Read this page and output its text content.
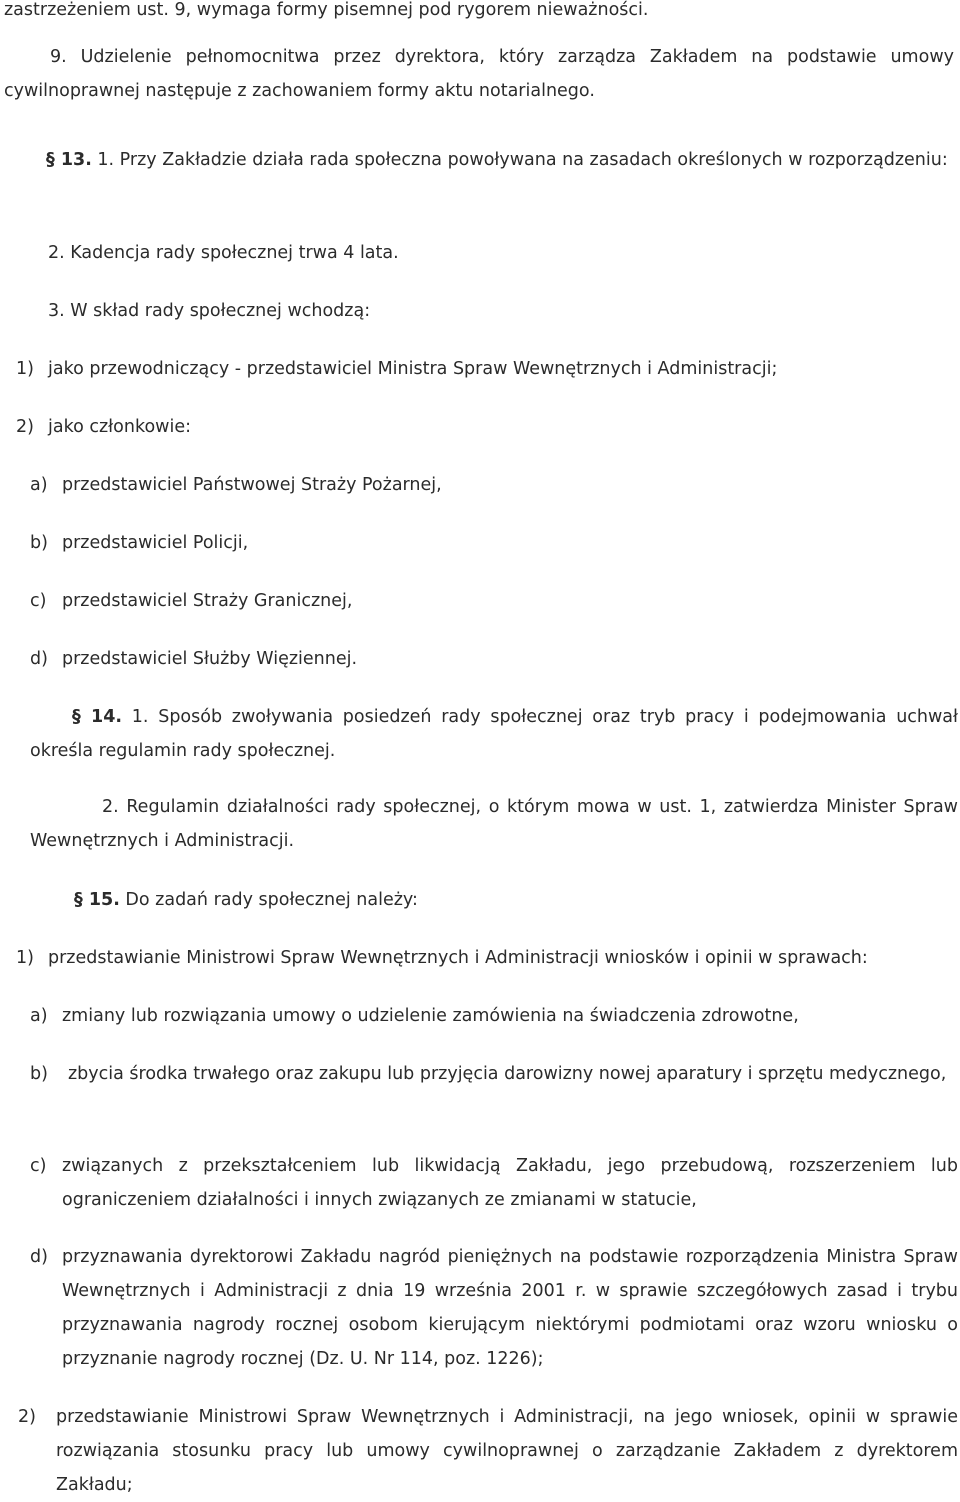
zastrzeżeniem ust. 9, wymaga formy pisemnej pod rygorem nieważności.

9. Udzielenie pełnomocnitwa przez dyrektora, który zarządza Zakładem na podstawie umowy cywilnoprawnej następuje z zachowaniem formy aktu notarialnego.

§ 13. 1. Przy Zakładzie działa rada społeczna powoływana na zasadach określonych w rozporządzeniu:

2. Kadencja rady społecznej trwa 4 lata.

3. W skład rady społecznej wchodzą:

1) jako przewodniczący - przedstawiciel Ministra Spraw Wewnętrznych i Administracji;
2) jako członkowie:
a) przedstawiciel Państwowej Straży Pożarnej,
b) przedstawiciel Policji,
c) przedstawiciel Straży Granicznej,
d) przedstawiciel Służby Więziennej.
§ 14. 1. Sposób zwoływania posiedzeń rady społecznej oraz tryb pracy i podejmowania uchwał określa regulamin rady społecznej.

2. Regulamin działalności rady społecznej, o którym mowa w ust. 1, zatwierdza Minister Spraw Wewnętrznych i Administracji.

§ 15. Do zadań rady społecznej należy:
1) przedstawianie Ministrowi Spraw Wewnętrznych i Administracji wniosków i opinii w sprawach:
a) zmiany lub rozwiązania umowy o udzielenie zamówienia na świadczenia zdrowotne,
b)	zbycia środka trwałego oraz zakupu lub przyjęcia darowizny nowej aparatury i sprzętu medycznego,
c) związanych z przekształceniem lub likwidacją Zakładu, jego przebudową, rozszerzeniem lub ograniczeniem działalności i innych związanych ze zmianami w statucie,
d) przyznawania dyrektorowi Zakładu nagród pieniężnych na podstawie rozporządzenia Ministra Spraw Wewnętrznych i Administracji z dnia 19 września 2001 r. w sprawie szczegółowych zasad i trybu przyznawania nagrody rocznej osobom kierującym niektórymi podmiotami oraz wzoru wniosku o przyznanie nagrody rocznej (Dz. U. Nr 114, poz. 1226);
2)	przedstawianie Ministrowi Spraw Wewnętrznych i Administracji, na jego wniosek, opinii w sprawie rozwiązania stosunku pracy lub umowy cywilnoprawnej o zarządzanie Zakładem z dyrektorem Zakładu;
